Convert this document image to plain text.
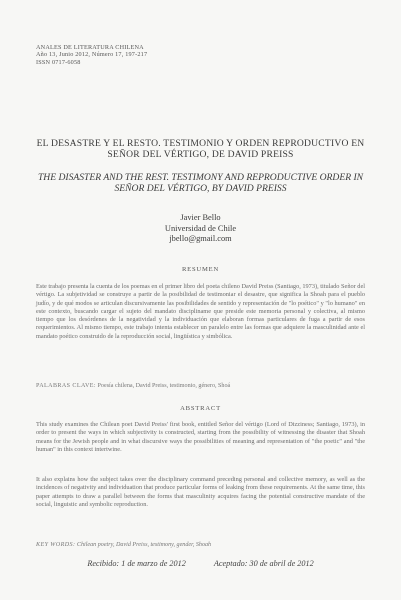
ANALES DE LITERATURA CHILENA
Año 13, Junio 2012, Número 17, 197-217
ISSN 0717-6058
EL DESASTRE Y EL RESTO. TESTIMONIO Y ORDEN REPRODUCTIVO EN SEÑOR DEL VÉRTIGO, DE DAVID PREISS
THE DISASTER AND THE REST. TESTIMONY AND REPRODUCTIVE ORDER IN SEÑOR DEL VÉRTIGO, BY DAVID PREISS
Javier Bello
Universidad de Chile
jbello@gmail.com
RESUMEN
Este trabajo presenta la cuenta de los poemas en el primer libro del poeta chileno David Preiss (Santiago, 1973), titulado Señor del vértigo. La subjetividad se construye a partir de la posibilidad de testimoniar el desastre, que significa la Shoah para el pueblo judío, y de qué modos se articulan discursivamente las posibilidades de sentido y representación de "lo poético" y "lo humano" en este contexto, buscando cargar el sujeto del mandato discipliname que preside este memoria personal y colectiva, al mismo tiempo que los desórdenes de la negatividad y la individuación que elaboran formas particulares de fuga a partir de esos requerimientos. Al mismo tiempo, este trabajo intenta establecer un paralelo entre las formas que adquiere la masculinidad ante el mandato poético construido de la reproducción social, lingüística y simbólica.
PALABRAS CLAVE: Poesía chilena, David Preiss, testimonio, género, Shoá
ABSTRACT
This study examines the Chilean poet David Preiss' first book, entitled Señor del vértigo (Lord of Dizziness; Santiago, 1973), in order to present the ways in which subjectivity is constructed, starting from the possibility of witnessing the disaster that Shoah means for the Jewish people and in what discursive ways the possibilities of meaning and representation of "the poetic" and "the human" in this context intertwine.
It also explains how the subject takes over the disciplinary command preceding personal and collective memory, as well as the incidences of negativity and individuation that produce particular forms of leaking from these requirements. At the same time, this paper attempts to draw a parallel between the forms that masculinity acquires facing the potential constructive mandate of the social, linguistic and symbolic reproduction.
KEY WORDS: Chilean poetry, David Preiss, testimony, gender, Shoah
Recibido: 1 de marzo de 2012	Aceptado: 30 de abril de 2012
